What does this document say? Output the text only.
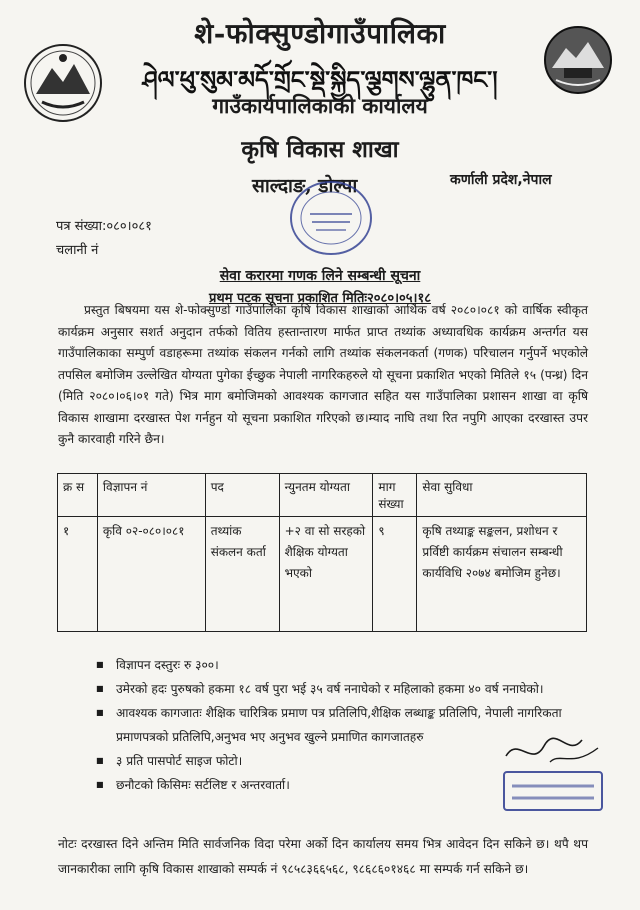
शे-फोक्सुण्डोगाउँपालिका
ཤེལ་ཕུ་སུམ་མདོ་གྲོང་སྡེ་སྐྱིད་ལྕགས་ལྷུན་ཁང་།
गाउँकार्यपालिकाको कार्यालय
कृषि विकास शाखा
साल्दाङ, डोल्पा	कर्णाली प्रदेश,नेपाल
पत्र संख्या:०८०।०८१
चलानी नं
सेवा करारमा गणक लिने सम्बन्धी सूचना
प्रथम पटक सूचना प्रकाशित मितिः२०८०।०५।१८
प्रस्तुत बिषयमा यस शे-फोक्सुण्डो गाउँपालिका कृषि विकास शाखाको आर्थिक वर्ष २०८०।०८१ को वार्षिक स्वीकृत कार्यक्रम अनुसार सशर्त अनुदान तर्फको वितिय हस्तान्तारण मार्फत प्राप्त तथ्यांक अध्यावधिक कार्यक्रम अन्तर्गत यस गाउँपालिकाका सम्पुर्ण वडाहरूमा तथ्यांक संकलन गर्नको लागि तथ्यांक संकलनकर्ता (गणक) परिचालन गर्नुपर्ने भएकोले तपसिल बमोजिम उल्लेखित योग्यता पुगेका ईच्छुक नेपाली नागरिकहरुले यो सूचना प्रकाशित भएको मितिले १५ (पन्ध्र) दिन (मिति २०८०।०६।०१ गते) भित्र माग बमोजिमको आवश्यक कागजात सहित यस गाउँपालिका प्रशासन शाखा वा कृषि विकास शाखामा दरखास्त पेश गर्नहुन यो सूचना प्रकाशित गरिएको छ।म्याद नाघि तथा रित नपुगि आएका दरखास्त उपर कुनै कारवाही गरिने छैन।
क्र स	विज्ञापन नं	पद	न्युनतम योग्यता	माग संख्या	सेवा सुविधा
१	कृवि ०२-०८०।०८१	तथ्यांक संकलन कर्ता	+२ वा सो सरहको शैक्षिक योग्यता भएको	९	कृषि तथ्याङ्क सङ्कलन, प्रशोधन र प्रर्विष्टी कार्यक्रम संचालन सम्बन्धी कार्यविधि २०७४ बमोजिम हुनेछ।
■ विज्ञापन दस्तुरः रु ३००।
■ उमेरको हदः पुरुषको हकमा १८ वर्ष पुरा भई ३५ वर्ष ननाघेको र महिलाको हकमा ४० वर्ष ननाघेको।
■ आवश्यक कागजातः शैक्षिक चारित्रिक प्रमाण पत्र प्रतिलिपि,शैक्षिक लब्धाङ्क प्रतिलिपि, नेपाली नागरिकता प्रमाणपत्रको प्रतिलिपि,अनुभव भए अनुभव खुल्ने प्रमाणित कागजातहरु
■ ३ प्रति पासपोर्ट साइज फोटो।
■ छनौटको किसिमः सर्टलिष्ट र अन्तरवार्ता।
नोटः दरखास्त दिने अन्तिम मिति सार्वजनिक विदा परेमा अर्को दिन कार्यालय समय भित्र आवेदन दिन सकिने छ। थपै थप जानकारीका लागि कृषि विकास शाखाको सम्पर्क नं ९८५८३६६५६८, ९८६८६०१४६८ मा सम्पर्क गर्न सकिने छ।
